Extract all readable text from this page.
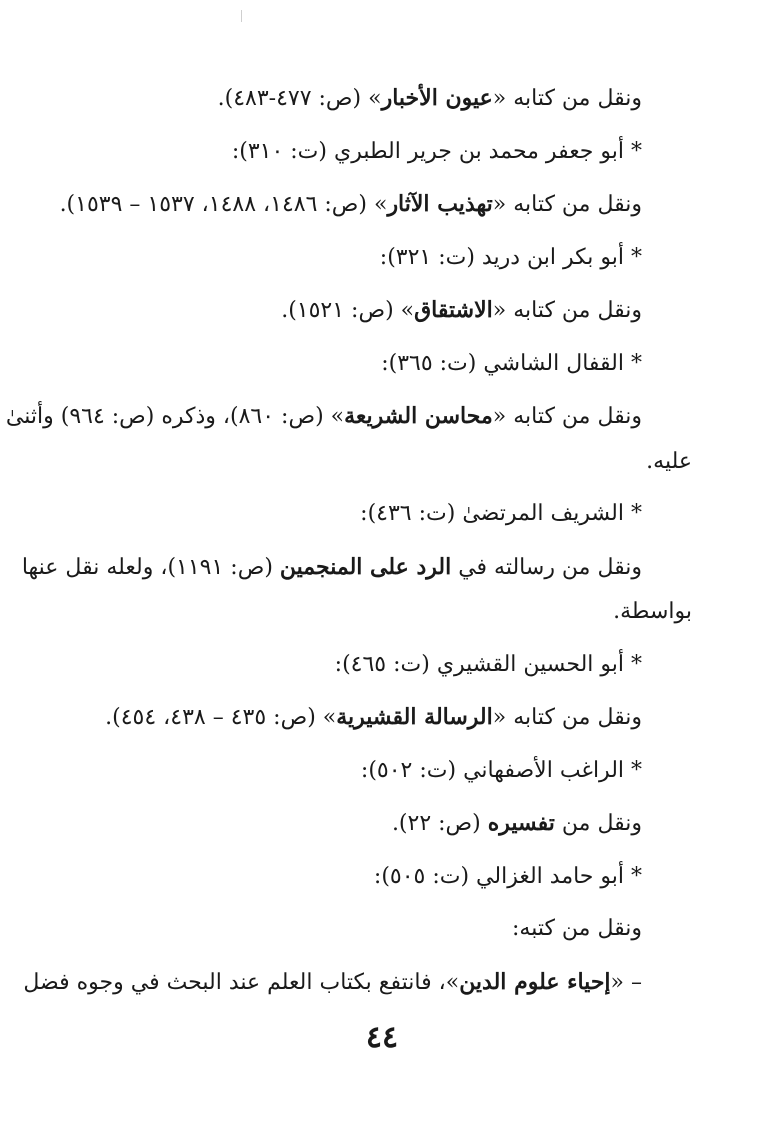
ونقل من كتابه «عيون الأخبار» (ص: ٤٧٧-٤٨٣).
* أبو جعفر محمد بن جرير الطبري (ت: ٣١٠):
ونقل من كتابه «تهذيب الآثار» (ص: ١٤٨٦، ١٤٨٨، ١٥٣٧ – ١٥٣٩).
* أبو بكر ابن دريد (ت: ٣٢١):
ونقل من كتابه «الاشتقاق» (ص: ١٥٢١).
* القفال الشاشي (ت: ٣٦٥):
ونقل من كتابه «محاسن الشريعة» (ص: ٨٦٠)، وذكره (ص: ٩٦٤) وأثنىٰ
عليه.
* الشريف المرتضىٰ (ت: ٤٣٦):
ونقل من رسالته في الرد على المنجمين (ص: ١١٩١)، ولعله نقل عنها
بواسطة.
* أبو الحسين القشيري (ت: ٤٦٥):
ونقل من كتابه «الرسالة القشيرية» (ص: ٤٣٥ – ٤٣٨، ٤٥٤).
* الراغب الأصفهاني (ت: ٥٠٢):
ونقل من تفسيره (ص: ٢٢).
* أبو حامد الغزالي (ت: ٥٠٥):
ونقل من كتبه:
– «إحياء علوم الدين»، فانتفع بكتاب العلم عند البحث في وجوه فضل
٤٤
